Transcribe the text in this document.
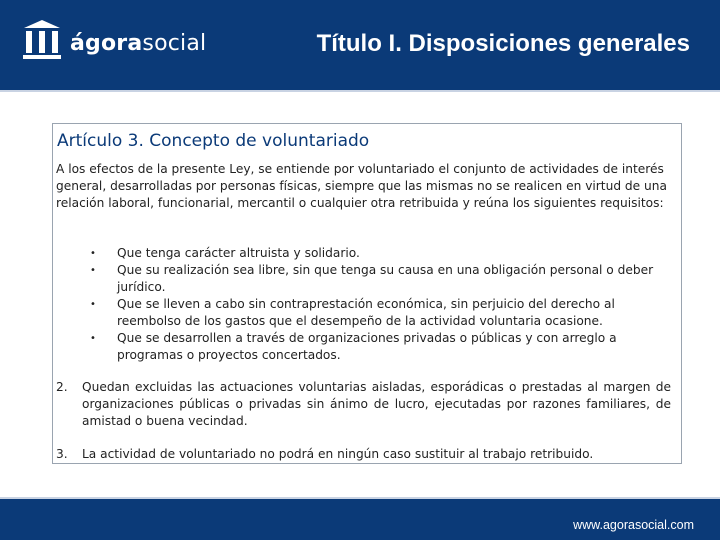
ágorasocial	Título I. Disposiciones generales
Artículo 3. Concepto de voluntariado
A los efectos de la presente Ley, se entiende por voluntariado el conjunto de actividades de interés general, desarrolladas por personas físicas, siempre que las mismas no se realicen en virtud de una relación laboral, funcionarial, mercantil o cualquier otra retribuida y reúna los siguientes requisitos:
• Que tenga carácter altruista y solidario.
• Que su realización sea libre, sin que tenga su causa en una obligación personal o deber jurídico.
• Que se lleven a cabo sin contraprestación económica, sin perjuicio del derecho al reembolso de los gastos que el desempeño de la actividad voluntaria ocasione.
• Que se desarrollen a través de organizaciones privadas o públicas y con arreglo a programas o proyectos concertados.
2. Quedan excluidas las actuaciones voluntarias aisladas, esporádicas o prestadas al margen de organizaciones públicas o privadas sin ánimo de lucro, ejecutadas por razones familiares, de amistad o buena vecindad.
3. La actividad de voluntariado no podrá en ningún caso sustituir al trabajo retribuido.
www.agorasocial.com
